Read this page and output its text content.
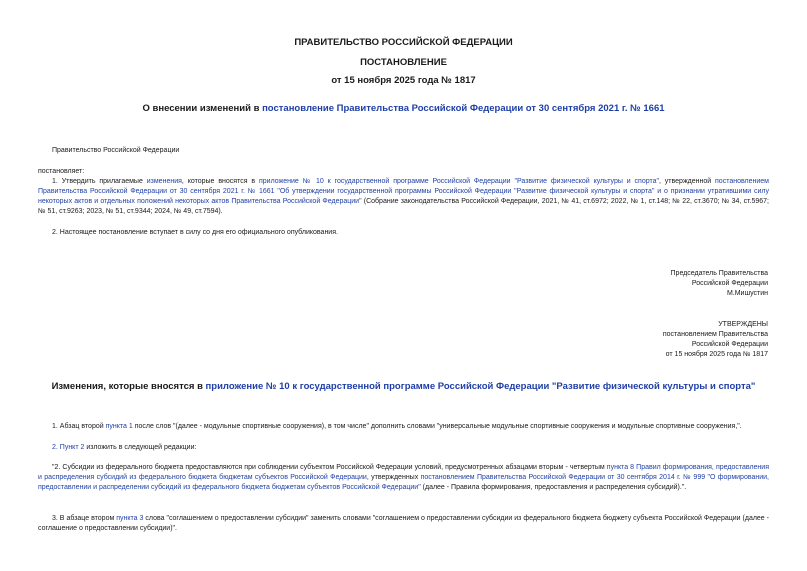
ПРАВИТЕЛЬСТВО РОССИЙСКОЙ ФЕДЕРАЦИИ
ПОСТАНОВЛЕНИЕ
от 15 ноября 2025 года № 1817
О внесении изменений в постановление Правительства Российской Федерации от 30 сентября 2021 г. № 1661
Правительство Российской Федерации
постановляет:
1. Утвердить прилагаемые изменения, которые вносятся в приложение № 10 к государственной программе Российской Федерации "Развитие физической культуры и спорта", утвержденной постановлением Правительства Российской Федерации от 30 сентября 2021 г. № 1661 "Об утверждении государственной программы Российской Федерации "Развитие физической культуры и спорта" и о признании утратившими силу некоторых актов и отдельных положений некоторых актов Правительства Российской Федерации" (Собрание законодательства Российской Федерации, 2021, № 41, ст.6972; 2022, № 1, ст.148; № 22, ст.3670; № 34, ст.5967; № 51, ст.9263; 2023, № 51, ст.9344; 2024, № 49, ст.7594).
2. Настоящее постановление вступает в силу со дня его официального опубликования.
Председатель Правительства
Российской Федерации
М.Мишустин
УТВЕРЖДЕНЫ
постановлением Правительства
Российской Федерации
от 15 ноября 2025 года № 1817
Изменения, которые вносятся в приложение № 10 к государственной программе Российской Федерации "Развитие физической культуры и спорта"
1. Абзац второй пункта 1 после слов "(далее - модульные спортивные сооружения), в том числе" дополнить словами "универсальные модульные спортивные сооружения и модульные спортивные сооружения,".
2. Пункт 2 изложить в следующей редакции:
"2. Субсидии из федерального бюджета предоставляются при соблюдении субъектом Российской Федерации условий, предусмотренных абзацами вторым - четвертым пункта 8 Правил формирования, предоставления и распределения субсидий из федерального бюджета бюджетам субъектов Российской Федерации, утвержденных постановлением Правительства Российской Федерации от 30 сентября 2014 г. № 999 "О формировании, предоставлении и распределении субсидий из федерального бюджета бюджетам субъектов Российской Федерации" (далее - Правила формирования, предоставления и распределения субсидий).".
3. В абзаце втором пункта 3 слова "соглашением о предоставлении субсидии" заменить словами "соглашением о предоставлении субсидии из федерального бюджета бюджету субъекта Российской Федерации (далее - соглашение о предоставлении субсидии)".
